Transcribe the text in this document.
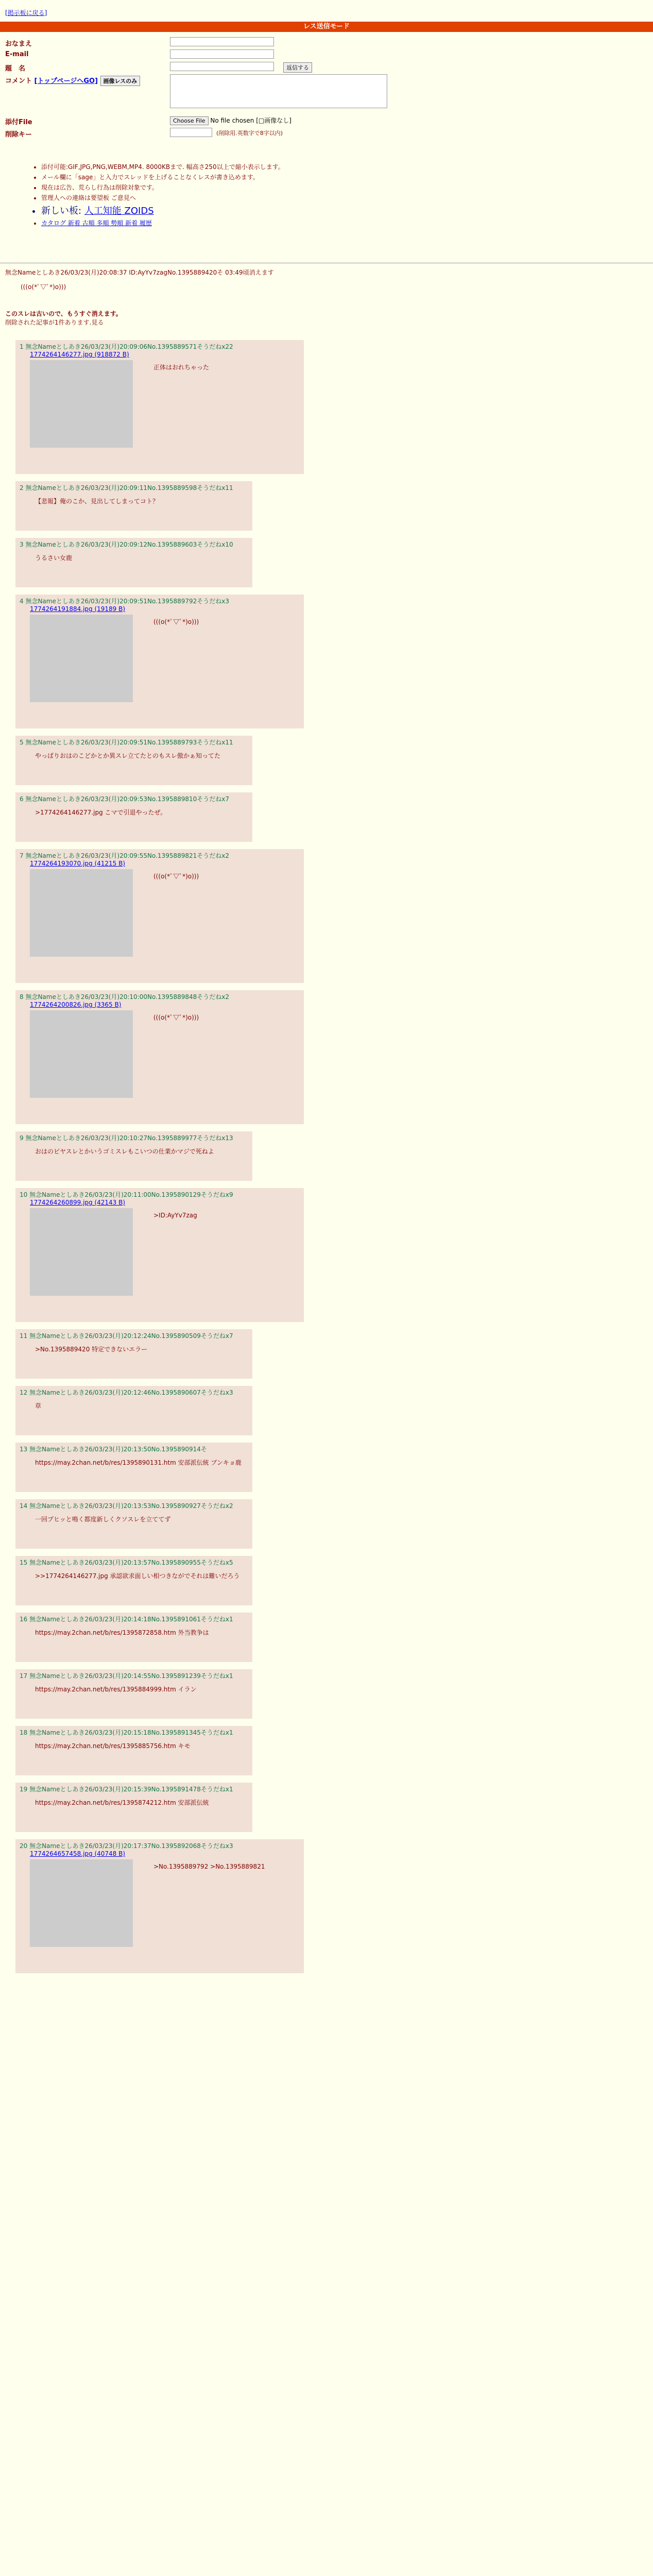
[掲示板に戻る]
レス送信モード
おなまえ
E-mail
題　名	返信する
コメント [トップページへGO] 画像レスのみ
添付File	Choose File No file chosen [□画像なし]
削除キー	(削除用.英数字で8字以内)
• 添付可能:GIF,JPG,PNG,WEBM,MP4. 8000KBまで. 幅高さ250以上で縮小表示します。
• メール欄に「sage」と入力でスレッドを上げることなくレスが書き込めます。
• 現在は広告、荒らし行為は削除対象です。
• 管理人への連絡は要望板 ご意見へ
• 新しい板: 人工知能 ZOIDS
• カタログ 新着 古順 多順 勢順 新着 履歴
無念Nameとしあき26/03/23(月)20:08:37 ID:AyYv7zagNo.1395889420そ 03:49頃消えます
(((o(*ﾟ▽ﾟ*)o)))
このスレは古いので、もうすぐ消えます。
削除された記事が1件あります.見る
1 無念Nameとしあき26/03/23(月)20:09:06No.1395889571そうだねx22
1774264146277.jpg (918872 B)
正体はおれちゃった
2 無念Nameとしあき26/03/23(月)20:09:11No.1395889598そうだねx11
【悲報】俺のこか、見出してしまってコト？
3 無念Nameとしあき26/03/23(月)20:09:12No.1395889603そうだねx10
うるさい女鹿
4 無念Nameとしあき26/03/23(月)20:09:51No.1395889792そうだねx3
1774264191884.jpg (19189 B)
(((o(*ﾟ▽ﾟ*)o)))
5 無念Nameとしあき26/03/23(月)20:09:51No.1395889793そうだねx11
やっぱりおはのこどかとか異スレ立てたとのもスレ傲かぁ知ってた
6 無念Nameとしあき26/03/23(月)20:09:53No.1395889810そうだねx7
>1774264146277.jpg こマで引退やったぜ。
7 無念Nameとしあき26/03/23(月)20:09:55No.1395889821そうだねx2
1774264193070.jpg (41215 B)
(((o(*ﾟ▽ﾟ*)o)))
8 無念Nameとしあき26/03/23(月)20:10:00No.1395889848そうだねx2
1774264200826.jpg (3365 B)
(((o(*ﾟ▽ﾟ*)o)))
9 無念Nameとしあき26/03/23(月)20:10:27No.1395889977そうだねx13
おはのピヤスレとかいうゴミスレもこいつの仕業かマジで死ねよ
10 無念Nameとしあき26/03/23(月)20:11:00No.1395890129そうだねx9
1774264260899.jpg (42143 B)
>ID:AyYv7zag
11 無念Nameとしあき26/03/23(月)20:12:24No.1395890509そうだねx7
>No.1395889420 特定できないエラー
12 無念Nameとしあき26/03/23(月)20:12:46No.1395890607そうだねx3
草
13 無念Nameとしあき26/03/23(月)20:13:50No.1395890914そ
https://may.2chan.net/b/res/1395890131.htm 安部派伝統 ブンキョ鹿
14 無念Nameとしあき26/03/23(月)20:13:53No.1395890927そうだねx2
一回プヒッと鳴く都度新しくクソスレを立ててず
15 無念Nameとしあき26/03/23(月)20:13:57No.1395890955そうだねx5
>>1774264146277.jpg 承認欲求面しい相つきながでそれは難いだろう
16 無念Nameとしあき26/03/23(月)20:14:18No.1395891061そうだねx1
https://may.2chan.net/b/res/1395872858.htm 外当教争は
17 無念Nameとしあき26/03/23(月)20:14:55No.1395891239そうだねx1
https://may.2chan.net/b/res/1395884999.htm イラン
18 無念Nameとしあき26/03/23(月)20:15:18No.1395891345そうだねx1
https://may.2chan.net/b/res/1395885756.htm キモ
19 無念Nameとしあき26/03/23(月)20:15:39No.1395891478そうだねx1
https://may.2chan.net/b/res/1395874212.htm 安部派伝統
20 無念Nameとしあき26/03/23(月)20:17:37No.1395892068そうだねx3
1774264657458.jpg (40748 B)
>No.1395889792 >No.1395889821
